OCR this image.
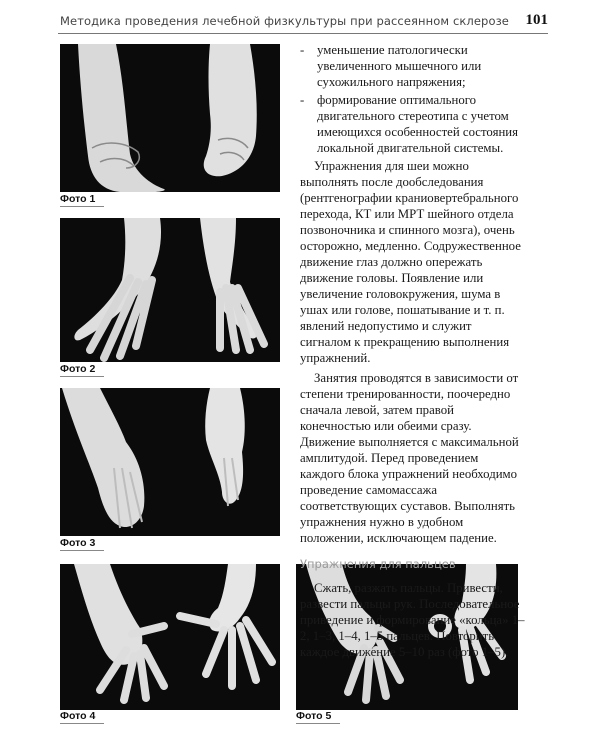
Методика проведения лечебной физкультуры при рассеянном склерозе	101
Фото 1
Фото 2
Фото 3
Фото 4	Фото 5
- уменьшение патологически увеличенного мышечного или сухожильного напряжения;
- формирование оптимального двигательного стереотипа с учетом имеющихся особенностей состояния локальной двигательной системы.

Упражнения для шеи можно выполнять после дообследования (рентгенографии краниовертебрального перехода, КТ или МРТ шейного отдела позвоночника и спинного мозга), очень осторожно, медленно. Содружественное движение глаз должно опережать движение головы. Появление или увеличение головокружения, шума в ушах или голове, пошатывание и т. п. явлений недопустимо и служит сигналом к прекращению выполнения упражнений.

Занятия проводятся в зависимости от степени тренированности, поочередно сначала левой, затем правой конечностью или обеими сразу. Движение выполняется с максимальной амплитудой. Перед проведением каждого блока упражнений необходимо проведение самомассажа соответствующих суставов. Выполнять упражнения нужно в удобном положении, исключающем падение.

Упражнения для пальцев

Сжать, разжать пальцы. Привести, развести пальцы рук. Последовательное приведение и формирование «кольца» 1–2, 1–3, 1–4, 1–5 пальцев. Повторить каждое движение 5–10 раз (фото 1–5).
